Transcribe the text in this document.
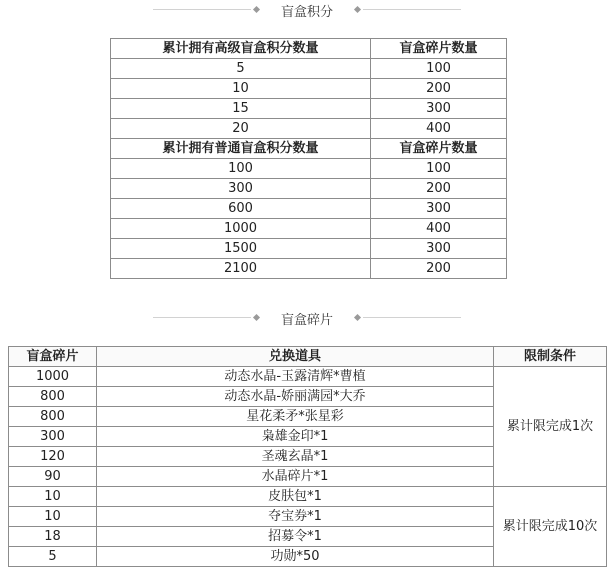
盲盒积分
累计拥有高级盲盒积分数量	盲盒碎片数量
5	100
10	200
15	300
20	400
累计拥有普通盲盒积分数量	盲盒碎片数量
100	100
300	200
600	300
1000	400
1500	300
2100	200
盲盒碎片
盲盒碎片	兑换道具	限制条件
1000	动态水晶-玉露清辉*曹植	累计限完成1次
800	动态水晶-娇丽满园*大乔	
800	星花柔矛*张星彩	
300	枭雄金印*1	
120	圣魂玄晶*1	
90	水晶碎片*1	
10	皮肤包*1	累计限完成10次
10	夺宝券*1	
18	招募令*1	
5	功勋*50	
